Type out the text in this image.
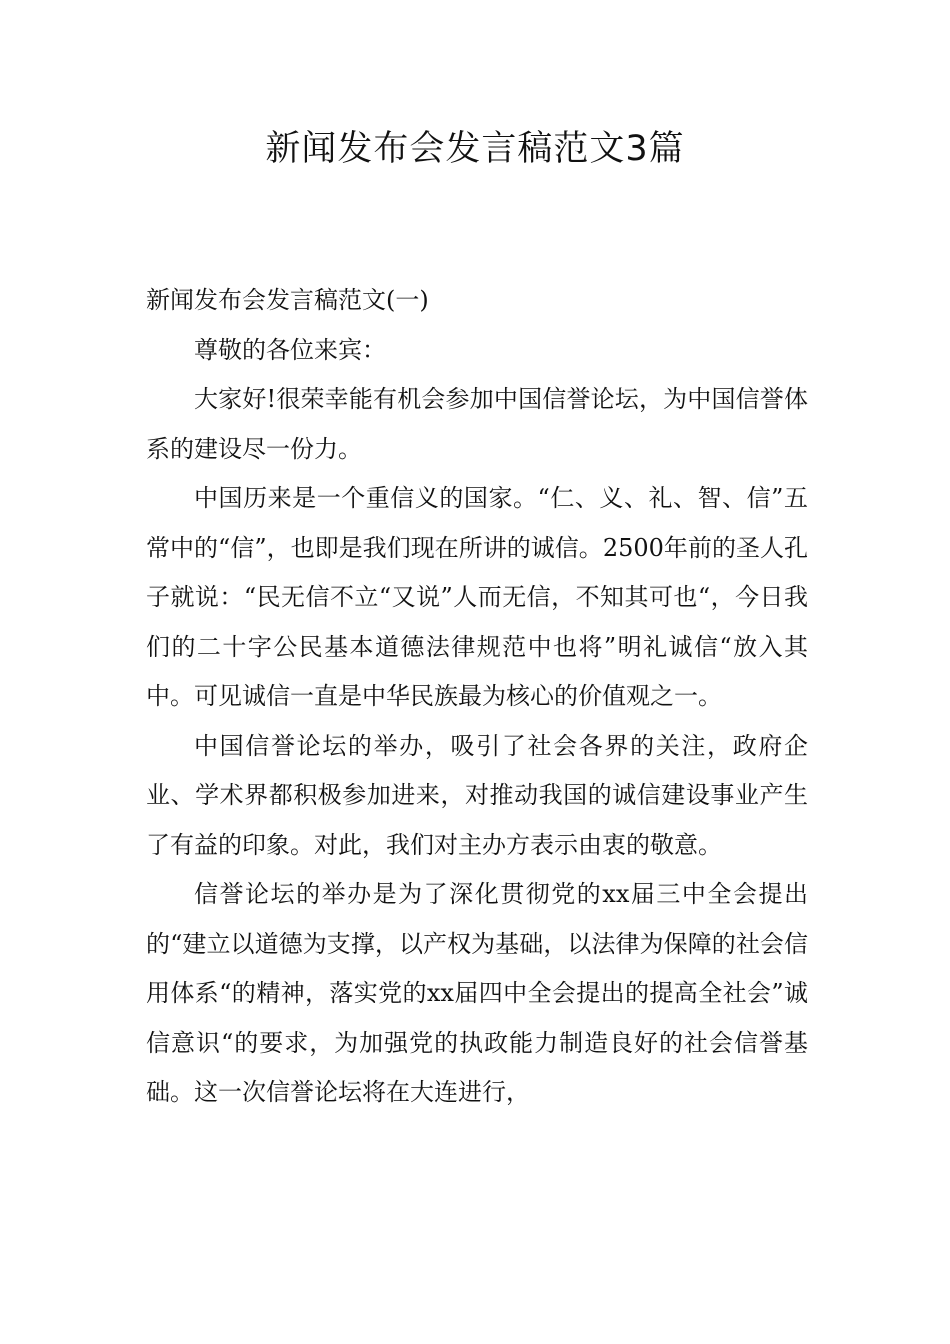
新闻发布会发言稿范文3篇

新闻发布会发言稿范文(一)

尊敬的各位来宾：

大家好!很荣幸能有机会参加中国信誉论坛，为中国信誉体系的建设尽一份力。

中国历来是一个重信义的国家。“仁、义、礼、智、信”五常中的“信”，也即是我们现在所讲的诚信。2500年前的圣人孔子就说：“民无信不立“又说”人而无信，不知其可也“，今日我们的二十字公民基本道德法律规范中也将”明礼诚信“放入其中。可见诚信一直是中华民族最为核心的价值观之一。

中国信誉论坛的举办，吸引了社会各界的关注，政府企业、学术界都积极参加进来，对推动我国的诚信建设事业产生了有益的印象。对此，我们对主办方表示由衷的敬意。

信誉论坛的举办是为了深化贯彻党的xx届三中全会提出的“建立以道德为支撑，以产权为基础，以法律为保障的社会信用体系“的精神，落实党的xx届四中全会提出的提高全社会”诚信意识“的要求，为加强党的执政能力制造良好的社会信誉基础。这一次信誉论坛将在大连进行，
